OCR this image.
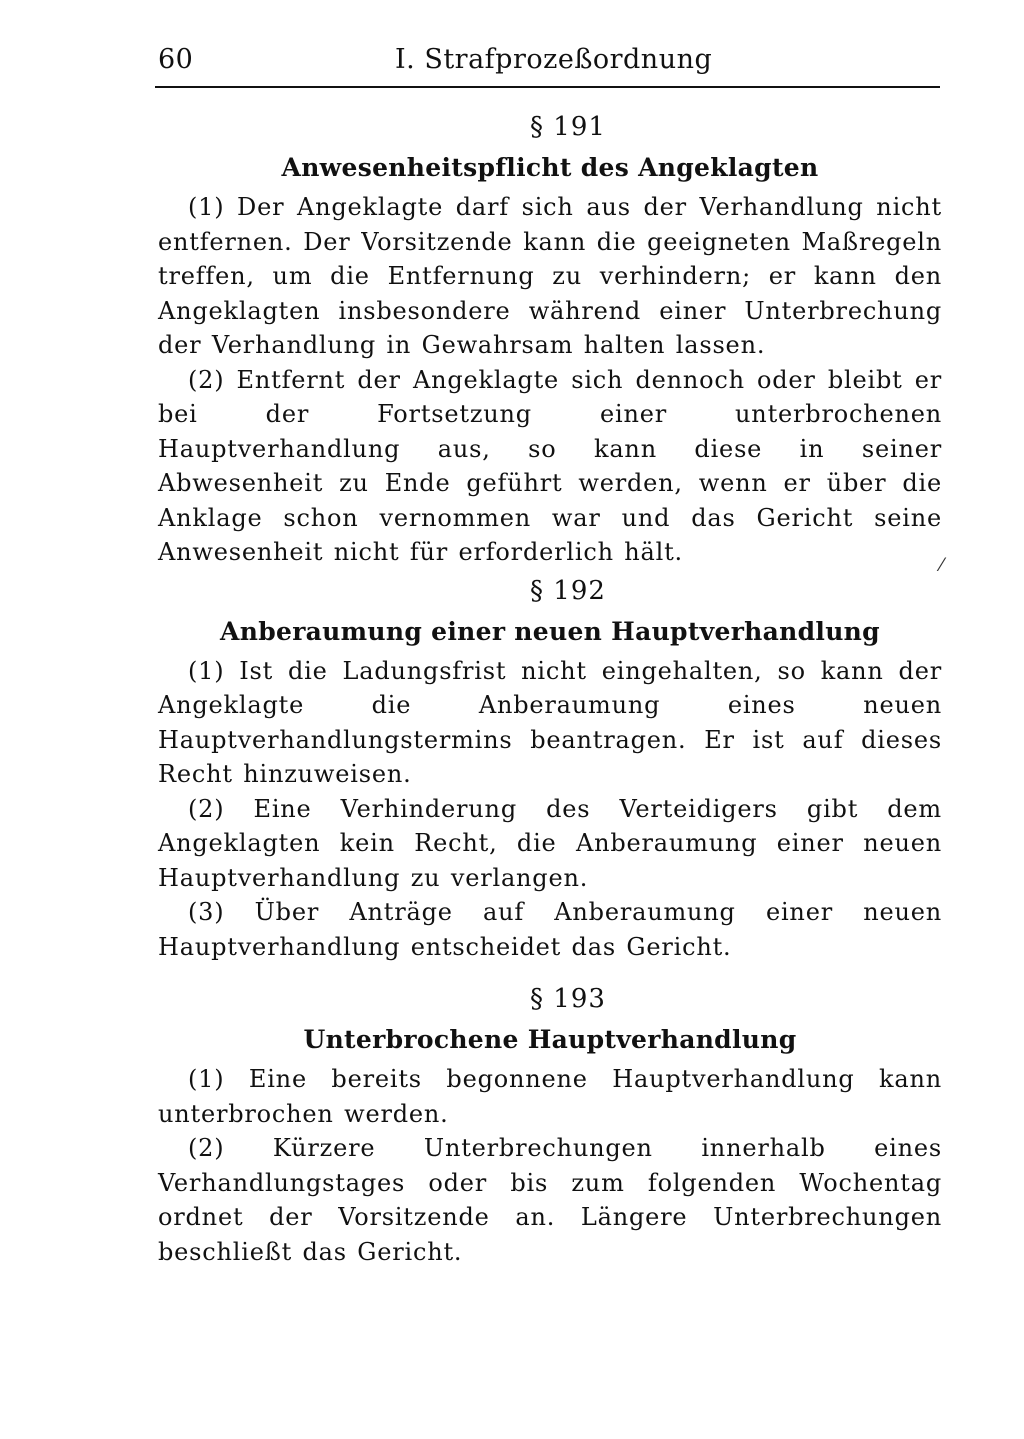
60	I. Strafprozeßordnung
§ 191
Anwesenheitspflicht des Angeklagten

(1) Der Angeklagte darf sich aus der Verhandlung nicht entfernen. Der Vorsitzende kann die geeigneten Maßregeln treffen, um die Entfernung zu verhindern; er kann den Angeklagten insbesondere während einer Unterbrechung der Verhandlung in Gewahrsam halten lassen.

(2) Entfernt der Angeklagte sich dennoch oder bleibt er bei der Fortsetzung einer unterbrochenen Hauptverhandlung aus, so kann diese in seiner Abwesenheit zu Ende geführt werden, wenn er über die Anklage schon vernommen war und das Gericht seine Anwesenheit nicht für erforderlich hält.

§ 192
Anberaumung einer neuen Hauptverhandlung

(1) Ist die Ladungsfrist nicht eingehalten, so kann der Angeklagte die Anberaumung eines neuen Hauptverhandlungstermins beantragen. Er ist auf dieses Recht hinzuweisen.

(2) Eine Verhinderung des Verteidigers gibt dem Angeklagten kein Recht, die Anberaumung einer neuen Hauptverhandlung zu verlangen.

(3) Über Anträge auf Anberaumung einer neuen Hauptverhandlung entscheidet das Gericht.

§ 193
Unterbrochene Hauptverhandlung

(1) Eine bereits begonnene Hauptverhandlung kann unterbrochen werden.

(2) Kürzere Unterbrechungen innerhalb eines Verhandlungstages oder bis zum folgenden Wochentag ordnet der Vorsitzende an. Längere Unterbrechungen beschließt das Gericht.

⁄
